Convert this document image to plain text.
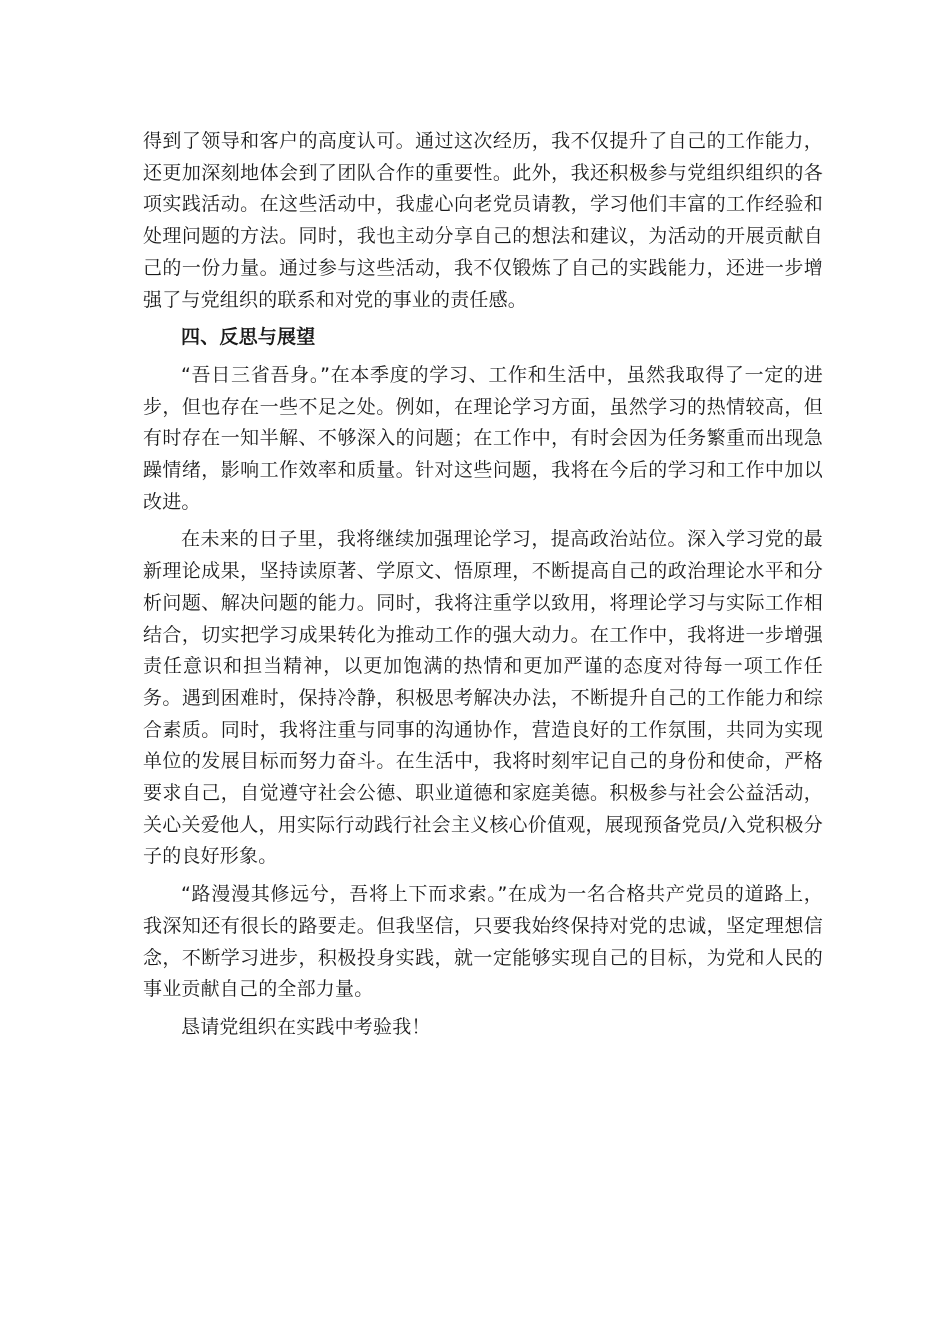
得到了领导和客户的高度认可。通过这次经历，我不仅提升了自己的工作能力，还更加深刻地体会到了团队合作的重要性。此外，我还积极参与党组织组织的各项实践活动。在这些活动中，我虚心向老党员请教，学习他们丰富的工作经验和处理问题的方法。同时，我也主动分享自己的想法和建议，为活动的开展贡献自己的一份力量。通过参与这些活动，我不仅锻炼了自己的实践能力，还进一步增强了与党组织的联系和对党的事业的责任感。

四、反思与展望

“吾日三省吾身。”在本季度的学习、工作和生活中，虽然我取得了一定的进步，但也存在一些不足之处。例如，在理论学习方面，虽然学习的热情较高，但有时存在一知半解、不够深入的问题；在工作中，有时会因为任务繁重而出现急躁情绪，影响工作效率和质量。针对这些问题，我将在今后的学习和工作中加以改进。

在未来的日子里，我将继续加强理论学习，提高政治站位。深入学习党的最新理论成果，坚持读原著、学原文、悟原理，不断提高自己的政治理论水平和分析问题、解决问题的能力。同时，我将注重学以致用，将理论学习与实际工作相结合，切实把学习成果转化为推动工作的强大动力。在工作中，我将进一步增强责任意识和担当精神，以更加饱满的热情和更加严谨的态度对待每一项工作任务。遇到困难时，保持冷静，积极思考解决办法，不断提升自己的工作能力和综合素质。同时，我将注重与同事的沟通协作，营造良好的工作氛围，共同为实现单位的发展目标而努力奋斗。在生活中，我将时刻牢记自己的身份和使命，严格要求自己，自觉遵守社会公德、职业道德和家庭美德。积极参与社会公益活动，关心关爱他人，用实际行动践行社会主义核心价值观，展现预备党员/入党积极分子的良好形象。

“路漫漫其修远兮，吾将上下而求索。”在成为一名合格共产党员的道路上，我深知还有很长的路要走。但我坚信，只要我始终保持对党的忠诚，坚定理想信念，不断学习进步，积极投身实践，就一定能够实现自己的目标，为党和人民的事业贡献自己的全部力量。

恳请党组织在实践中考验我！
